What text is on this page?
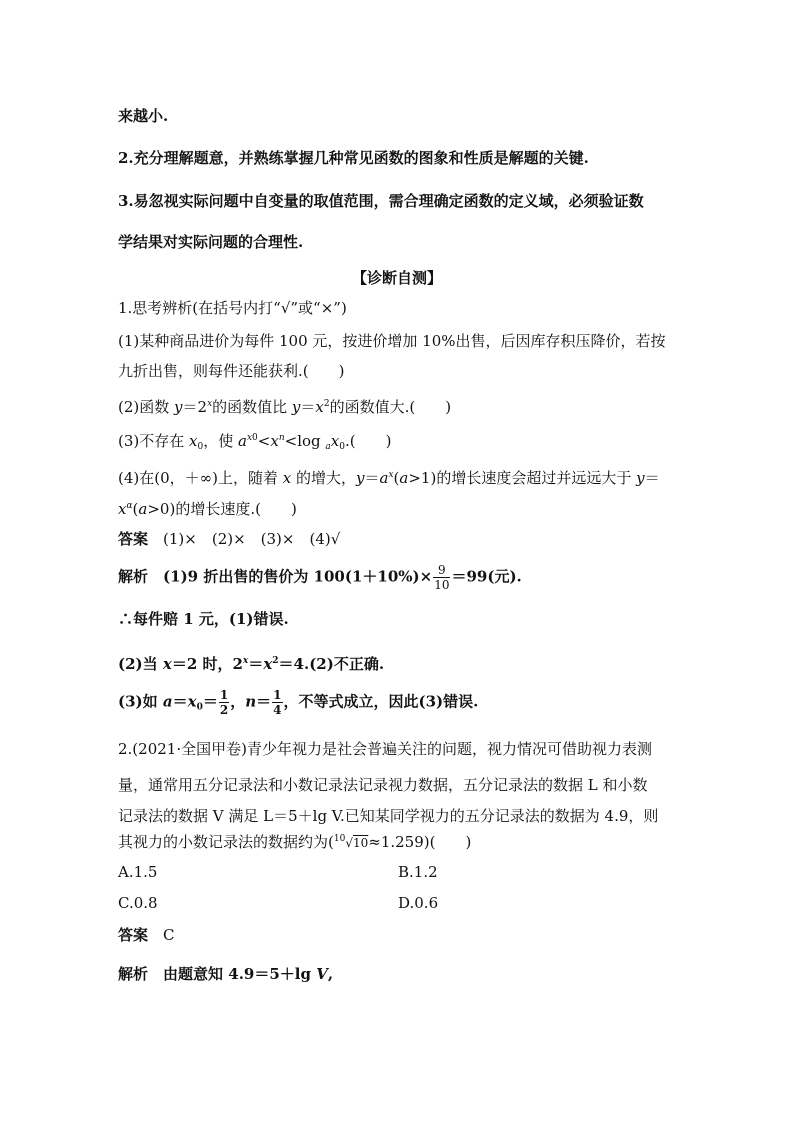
来越小.
2.充分理解题意，并熟练掌握几种常见函数的图象和性质是解题的关键.
3.易忽视实际问题中自变量的取值范围，需合理确定函数的定义域，必须验证数
学结果对实际问题的合理性.
【诊断自测】
1.思考辨析(在括号内打“√”或“×”)
(1)某种商品进价为每件 100 元，按进价增加 10%出售，后因库存积压降价，若按
九折出售，则每件还能获利.(　　)
(2)函数 $y=2^x$的函数值比 $y=x^2$的函数值大.(　　)
(3)不存在 $x_0$，使 $a^{x0}<x^n<\log$ $_ax_0$.(　　)
(4)在(0，＋∞)上，随着 x 的增大，$y=a^x(a>1)$的增长速度会超过并远远大于 y＝
$x^\alpha(a>0)$的增长速度.(　　)
答案　 (1)×　(2)×　(3)×　(4)√
解析　 (1)9 折出售的售价为 $100(1+10\%)\times \frac{9}{10} =99$(元).
∴每件赔 1 元，(1)错误.
(2)当 x＝2 时，$2^x=x^2=4.(2)$不正确.
(3)如 $a=x_0= \frac{1}{2}$ ，$n= \frac{1}{4}$ ，不等式成立，因此(3)错误.
2.(2021·全国甲卷)青少年视力是社会普遍关注的问题，视力情况可借助视力表测
量，通常用五分记录法和小数记录法记录视力数据，五分记录法的数据 L 和小数
记录法的数据 V 满足 L＝5＋lg V.已知某同学视力的五分记录法的数据为 4.9，则
其视力的小数记录法的数据约为($^{10}$√10≈1.259)(　　)
A.1.5	B.1.2
C.0.8	D.0.6
答案　 C
解析　 由题意知 4.9＝5＋lg V,
